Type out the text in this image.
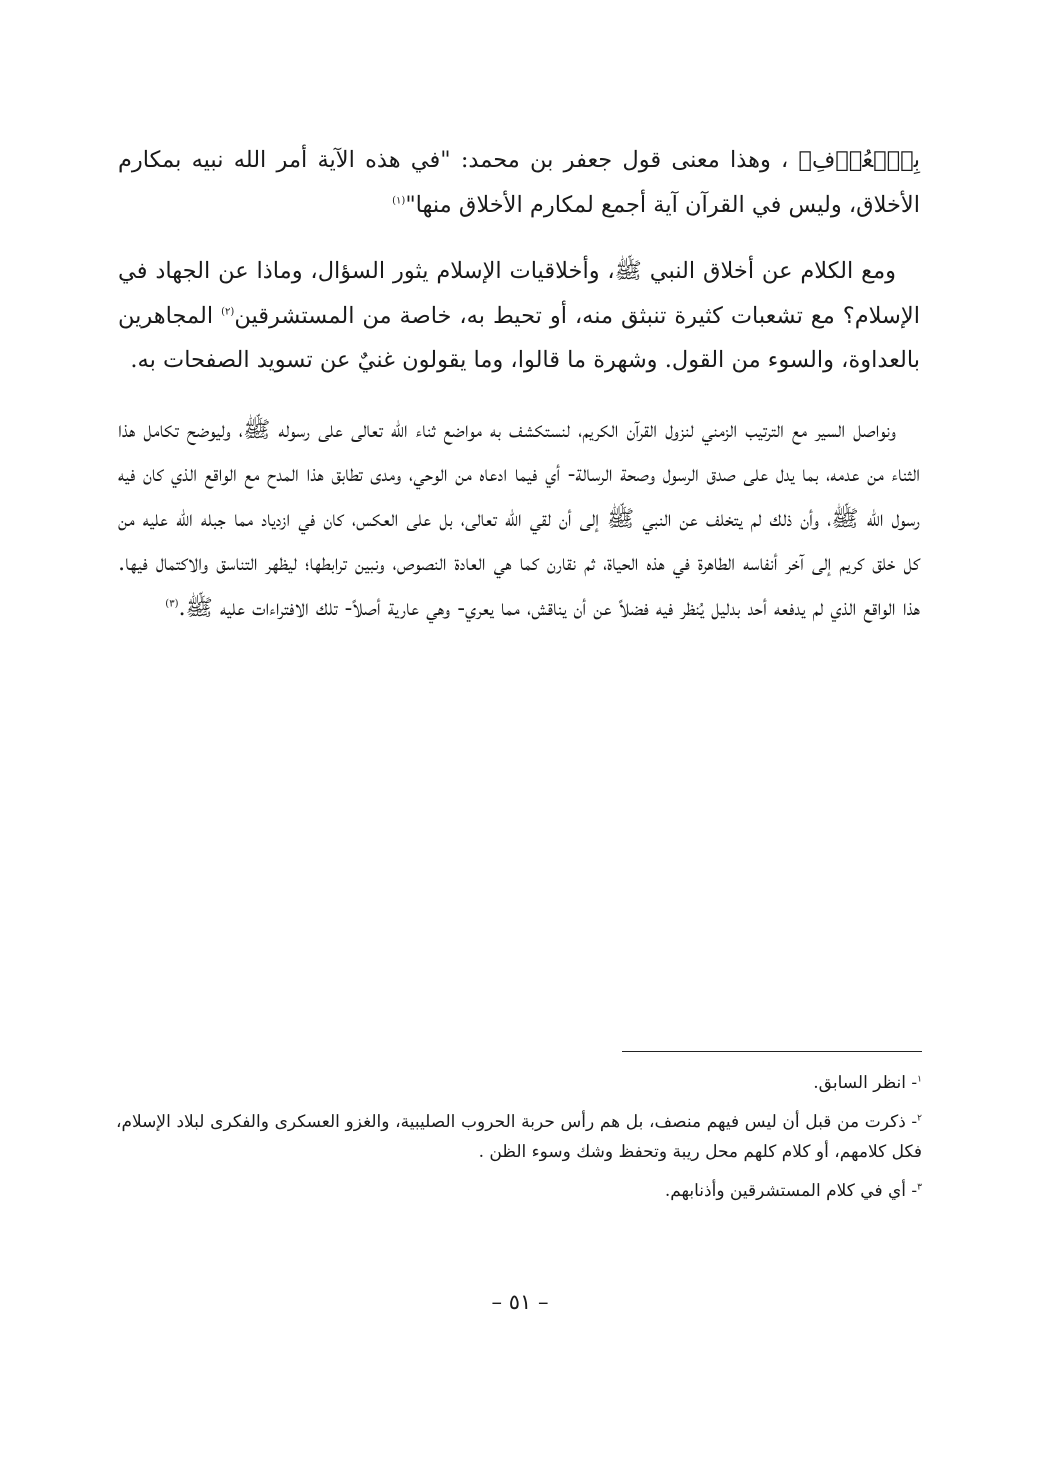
بِٱلۡعُرۡفِ﴾ ، وهذا معنى قول جعفر بن محمد: "في هذه الآية أمر الله نبيه بمكارم الأخلاق، وليس في القرآن آية أجمع لمكارم الأخلاق منها"$^{(١)}$

ومع الكلام عن أخلاق النبي ﷺ، وأخلاقيات الإسلام يثور السؤال، وماذا عن الجهاد في الإسلام؟ مع تشعبات كثيرة تنبثق منه، أو تحيط به، خاصة من المستشرقين$^{(٢)}$ المجاهرين بالعداوة، والسوء من القول. وشهرة ما قالوا، وما يقولون غنيٌ عن تسويد الصفحات به.

ونواصل السير مع الترتيب الزمني لنزول القرآن الكريم، لنستكشف به مواضع ثناء الله تعالى على رسوله ﷺ، وليوضح تكامل هذا الثناء من عدمه، بما يدل على صدق الرسول وصحة الرسالة- أي فيما ادعاه من الوحي، ومدى تطابق هذا المدح مع الواقع الذي كان فيه رسول الله ﷺ، وأن ذلك لم يتخلف عن النبي ﷺ إلى أن لقي الله تعالى، بل على العكس، كان في ازدياد مما جبله الله عليه من كل خلق كريم إلى آخر أنفاسه الطاهرة في هذه الحياة، ثم نقارن كما هي العادة النصوص، ونبين ترابطها؛ ليظهر التناسق والاكتمال فيها. هذا الواقع الذي لم يدفعه أحد بدليل يُنظر فيه فضلاً عن أن يناقش، مما يعري- وهي عارية أصلاً- تلك الافتراءات عليه ﷺ.$^{(٣)}$

$^١$- انظر السابق.

$^٢$- ذكرت من قبل أن ليس فيهم منصف، بل هم رأس حربة الحروب الصليبية، والغزو العسكرى والفكرى لبلاد الإسلام، فكل كلامهم، أو كلام كلهم محل ريبة وتحفظ وشك وسوء الظن .

$^٣$- أي في كلام المستشرقين وأذنابهم.

– ٥١ –
